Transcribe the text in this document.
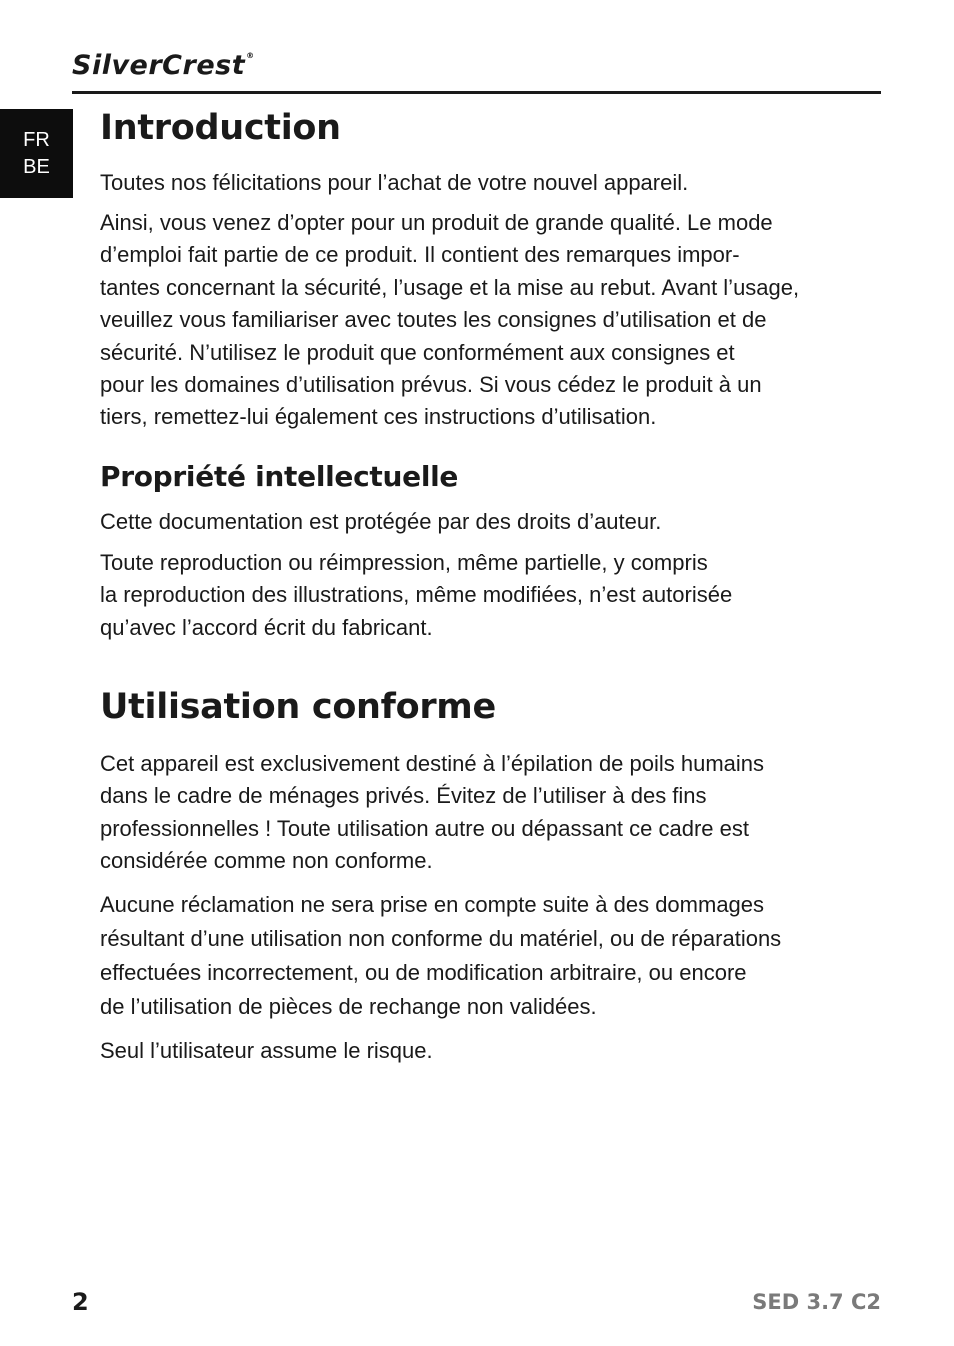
SilverCrest®
FR
BE
Introduction

Toutes nos félicitations pour l’achat de votre nouvel appareil.

Ainsi, vous venez d’opter pour un produit de grande qualité. Le mode
d’emploi fait partie de ce produit. Il contient des remarques impor-
tantes concernant la sécurité, l’usage et la mise au rebut. Avant l’usage,
veuillez vous familiariser avec toutes les consignes d’utilisation et de
sécurité. N’utilisez le produit que conformément aux consignes et
pour les domaines d’utilisation prévus. Si vous cédez le produit à un
tiers, remettez-lui également ces instructions d’utilisation.

Propriété intellectuelle

Cette documentation est protégée par des droits d’auteur.

Toute reproduction ou réimpression, même partielle, y compris
la reproduction des illustrations, même modifiées, n’est autorisée
qu’avec l’accord écrit du fabricant.

Utilisation conforme

Cet appareil est exclusivement destiné à l’épilation de poils humains
dans le cadre de ménages privés. Évitez de l’utiliser à des fins
professionnelles ! Toute utilisation autre ou dépassant ce cadre est
considérée comme non conforme.

Aucune réclamation ne sera prise en compte suite à des dommages
résultant d’une utilisation non conforme du matériel, ou de réparations
effectuées incorrectement, ou de modification arbitraire, ou encore
de l’utilisation de pièces de rechange non validées.

Seul l’utilisateur assume le risque.

2	SED 3.7 C2
